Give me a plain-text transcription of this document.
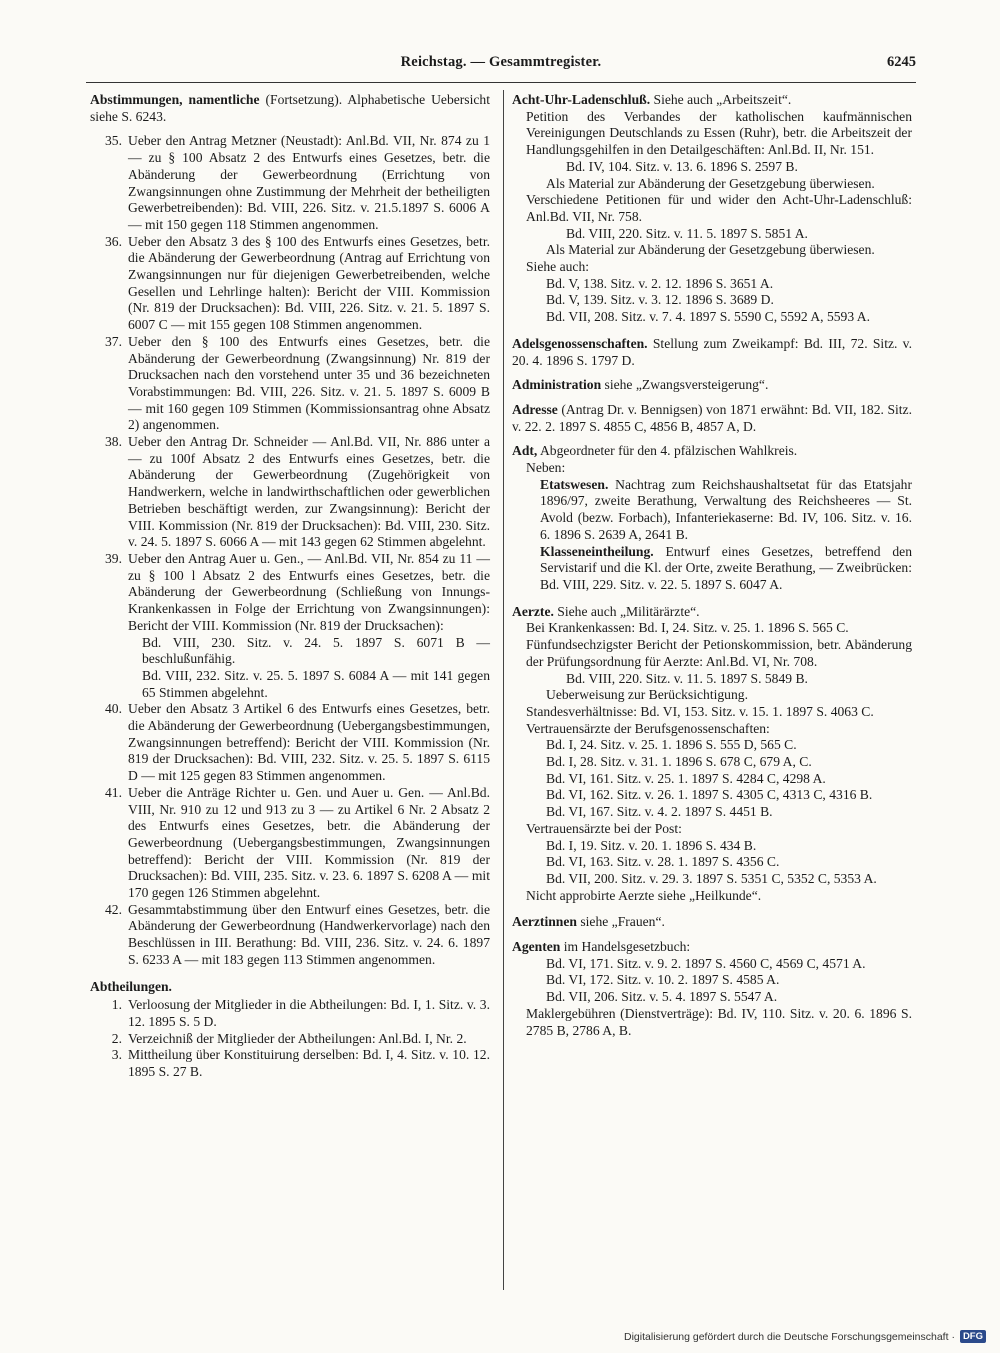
Reichstag. — Gesammtregister.	6245
Abstimmungen, namentliche (Fortsetzung). Alphabetische Uebersicht siehe S. 6243.
35. Ueber den Antrag Metzner (Neustadt): Anl.Bd. VII, Nr. 874 zu 1 — zu § 100 Absatz 2 des Entwurfs eines Gesetzes, betr. die Abänderung der Gewerbeordnung (Errichtung von Zwangsinnungen ohne Zustimmung der Mehrheit der betheiligten Gewerbetreibenden): Bd. VIII, 226. Sitz. v. 21.5.1897 S. 6006 A — mit 150 gegen 118 Stimmen angenommen.
36. Ueber den Absatz 3 des § 100 des Entwurfs eines Gesetzes, betr. die Abänderung der Gewerbeordnung (Antrag auf Errichtung von Zwangsinnungen nur für diejenigen Gewerbetreibenden, welche Gesellen und Lehrlinge halten): Bericht der VIII. Kommission (Nr. 819 der Drucksachen): Bd. VIII, 226. Sitz. v. 21. 5. 1897 S. 6007 C — mit 155 gegen 108 Stimmen angenommen.
37. Ueber den § 100 des Entwurfs eines Gesetzes, betr. die Abänderung der Gewerbeordnung (Zwangsinnung) Nr. 819 der Drucksachen nach den vorstehend unter 35 und 36 bezeichneten Vorabstimmungen: Bd. VIII, 226. Sitz. v. 21. 5. 1897 S. 6009 B — mit 160 gegen 109 Stimmen (Kommissionsantrag ohne Absatz 2) angenommen.
38. Ueber den Antrag Dr. Schneider — Anl.Bd. VII, Nr. 886 unter a — zu 100f Absatz 2 des Entwurfs eines Gesetzes, betr. die Abänderung der Gewerbeordnung (Zugehörigkeit von Handwerkern, welche in landwirthschaftlichen oder gewerblichen Betrieben beschäftigt werden, zur Zwangsinnung): Bericht der VIII. Kommission (Nr. 819 der Drucksachen): Bd. VIII, 230. Sitz. v. 24. 5. 1897 S. 6066 A — mit 143 gegen 62 Stimmen abgelehnt.
39. Ueber den Antrag Auer u. Gen., — Anl.Bd. VII, Nr. 854 zu 11 — zu § 100 l Absatz 2 des Entwurfs eines Gesetzes, betr. die Abänderung der Gewerbeordnung (Schließung von Innungs-Krankenkassen in Folge der Errichtung von Zwangsinnungen): Bericht der VIII. Kommission (Nr. 819 der Drucksachen):
Bd. VIII, 230. Sitz. v. 24. 5. 1897 S. 6071 B — beschlußunfähig.
Bd. VIII, 232. Sitz. v. 25. 5. 1897 S. 6084 A — mit 141 gegen 65 Stimmen abgelehnt.
40. Ueber den Absatz 3 Artikel 6 des Entwurfs eines Gesetzes, betr. die Abänderung der Gewerbeordnung (Uebergangsbestimmungen, Zwangsinnungen betreffend): Bericht der VIII. Kommission (Nr. 819 der Drucksachen): Bd. VIII, 232. Sitz. v. 25. 5. 1897 S. 6115 D — mit 125 gegen 83 Stimmen angenommen.
41. Ueber die Anträge Richter u. Gen. und Auer u. Gen. — Anl.Bd. VIII, Nr. 910 zu 12 und 913 zu 3 — zu Artikel 6 Nr. 2 Absatz 2 des Entwurfs eines Gesetzes, betr. die Abänderung der Gewerbeordnung (Uebergangsbestimmungen, Zwangsinnungen betreffend): Bericht der VIII. Kommission (Nr. 819 der Drucksachen): Bd. VIII, 235. Sitz. v. 23. 6. 1897 S. 6208 A — mit 170 gegen 126 Stimmen abgelehnt.
42. Gesammtabstimmung über den Entwurf eines Gesetzes, betr. die Abänderung der Gewerbeordnung (Handwerkervorlage) nach den Beschlüssen in III. Berathung: Bd. VIII, 236. Sitz. v. 24. 6. 1897 S. 6233 A — mit 183 gegen 113 Stimmen angenommen.
Abtheilungen.
1. Verloosung der Mitglieder in die Abtheilungen: Bd. I, 1. Sitz. v. 3. 12. 1895 S. 5 D.
2. Verzeichniß der Mitglieder der Abtheilungen: Anl.Bd. I, Nr. 2.
3. Mittheilung über Konstituirung derselben: Bd. I, 4. Sitz. v. 10. 12. 1895 S. 27 B.
Acht-Uhr-Ladenschluß. Siehe auch „Arbeitszeit“.
Petition des Verbandes der katholischen kaufmännischen Vereinigungen Deutschlands zu Essen (Ruhr), betr. die Arbeitszeit der Handlungsgehilfen in den Detailgeschäften: Anl.Bd. II, Nr. 151.
Bd. IV, 104. Sitz. v. 13. 6. 1896 S. 2597 B.
Als Material zur Abänderung der Gesetzgebung überwiesen.
Verschiedene Petitionen für und wider den Acht-Uhr-Ladenschluß: Anl.Bd. VII, Nr. 758.
Bd. VIII, 220. Sitz. v. 11. 5. 1897 S. 5851 A.
Als Material zur Abänderung der Gesetzgebung überwiesen.
Siehe auch:
Bd. V, 138. Sitz. v. 2. 12. 1896 S. 3651 A.
Bd. V, 139. Sitz. v. 3. 12. 1896 S. 3689 D.
Bd. VII, 208. Sitz. v. 7. 4. 1897 S. 5590 C, 5592 A, 5593 A.
Adelsgenossenschaften. Stellung zum Zweikampf: Bd. III, 72. Sitz. v. 20. 4. 1896 S. 1797 D.
Administration siehe „Zwangsversteigerung“.
Adresse (Antrag Dr. v. Bennigsen) von 1871 erwähnt: Bd. VII, 182. Sitz. v. 22. 2. 1897 S. 4855 C, 4856 B, 4857 A, D.
Adt, Abgeordneter für den 4. pfälzischen Wahlkreis.
Neben:
Etatswesen. Nachtrag zum Reichshaushaltsetat für das Etatsjahr 1896/97, zweite Berathung, Verwaltung des Reichsheeres — St. Avold (bezw. Forbach), Infanteriekaserne: Bd. IV, 106. Sitz. v. 16. 6. 1896 S. 2639 A, 2641 B.
Klasseneintheilung. Entwurf eines Gesetzes, betreffend den Servistarif und die Kl. der Orte, zweite Berathung, — Zweibrücken: Bd. VIII, 229. Sitz. v. 22. 5. 1897 S. 6047 A.
Aerzte. Siehe auch „Militärärzte“.
Bei Krankenkassen: Bd. I, 24. Sitz. v. 25. 1. 1896 S. 565 C.
Fünfundsechzigster Bericht der Petionskommission, betr. Abänderung der Prüfungsordnung für Aerzte: Anl.Bd. VI, Nr. 708.
Bd. VIII, 220. Sitz. v. 11. 5. 1897 S. 5849 B.
Ueberweisung zur Berücksichtigung.
Standesverhältnisse: Bd. VI, 153. Sitz. v. 15. 1. 1897 S. 4063 C.
Vertrauensärzte der Berufsgenossenschaften:
Bd. I, 24. Sitz. v. 25. 1. 1896 S. 555 D, 565 C.
Bd. I, 28. Sitz. v. 31. 1. 1896 S. 678 C, 679 A, C.
Bd. VI, 161. Sitz. v. 25. 1. 1897 S. 4284 C, 4298 A.
Bd. VI, 162. Sitz. v. 26. 1. 1897 S. 4305 C, 4313 C, 4316 B.
Bd. VI, 167. Sitz. v. 4. 2. 1897 S. 4451 B.
Vertrauensärzte bei der Post:
Bd. I, 19. Sitz. v. 20. 1. 1896 S. 434 B.
Bd. VI, 163. Sitz. v. 28. 1. 1897 S. 4356 C.
Bd. VII, 200. Sitz. v. 29. 3. 1897 S. 5351 C, 5352 C, 5353 A.
Nicht approbirte Aerzte siehe „Heilkunde“.
Aerztinnen siehe „Frauen“.
Agenten im Handelsgesetzbuch:
Bd. VI, 171. Sitz. v. 9. 2. 1897 S. 4560 C, 4569 C, 4571 A.
Bd. VI, 172. Sitz. v. 10. 2. 1897 S. 4585 A.
Bd. VII, 206. Sitz. v. 5. 4. 1897 S. 5547 A.
Maklergebühren (Dienstverträge): Bd. IV, 110. Sitz. v. 20. 6. 1896 S. 2785 B, 2786 A, B.
Digitalisierung gefördert durch die Deutsche Forschungsgemeinschaft · DFG
